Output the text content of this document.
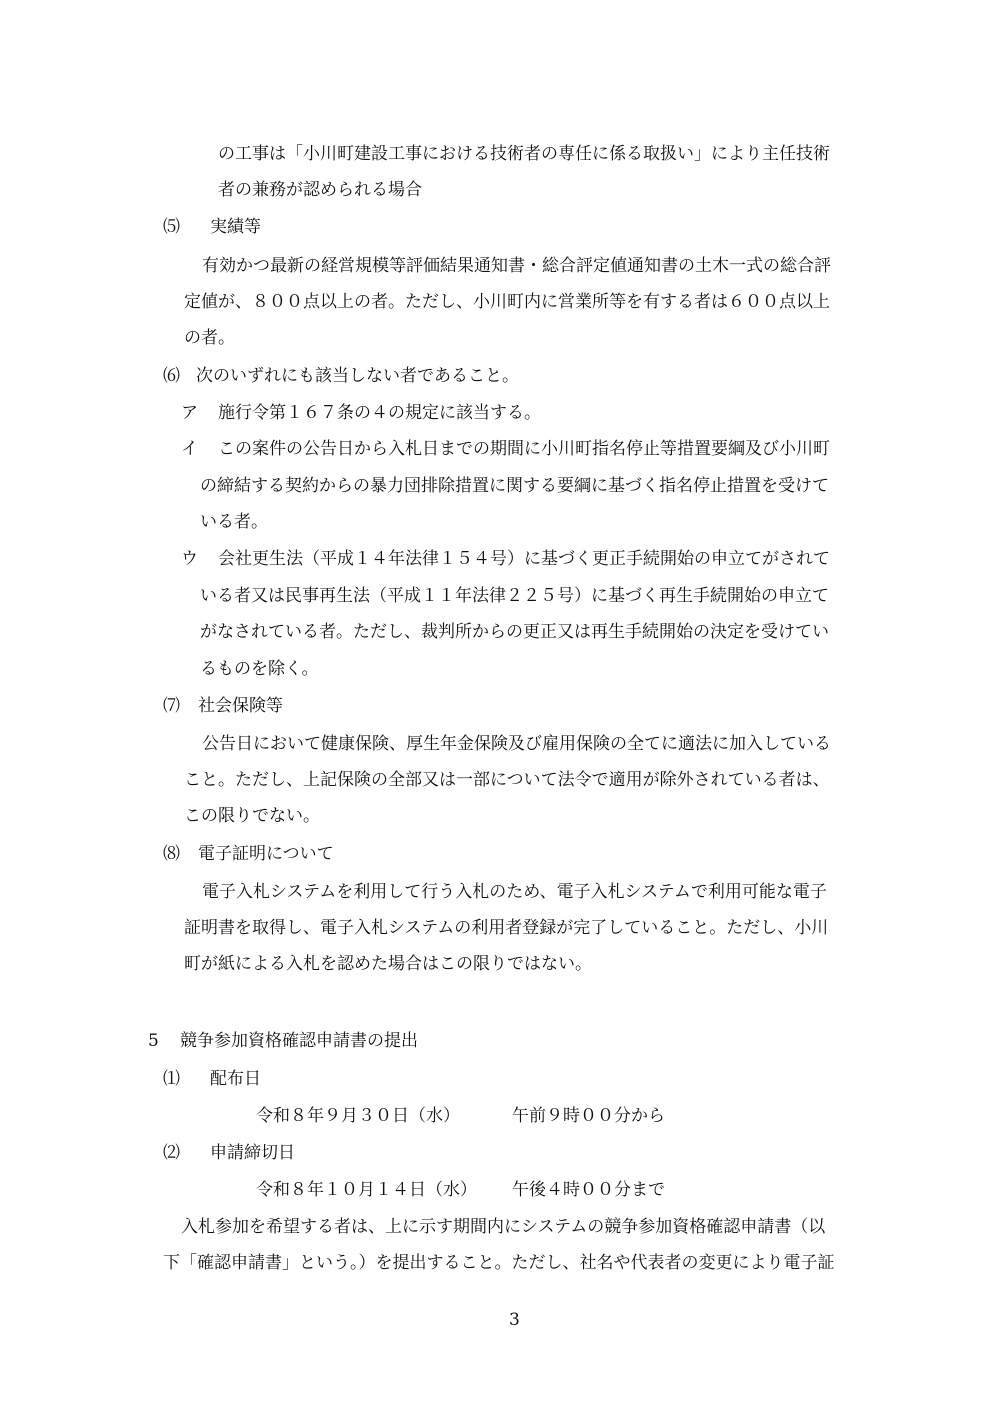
の工事は「小川町建設工事における技術者の専任に係る取扱い」により主任技術
者の兼務が認められる場合
⑸ 実績等
有効かつ最新の経営規模等評価結果通知書・総合評定値通知書の土木一式の総合評
定値が、８００点以上の者。ただし、小川町内に営業所等を有する者は６００点以上
の者。
⑹ 次のいずれにも該当しない者であること。
ア 施行令第１６７条の４の規定に該当する。
イ この案件の公告日から入札日までの期間に小川町指名停止等措置要綱及び小川町
の締結する契約からの暴力団排除措置に関する要綱に基づく指名停止措置を受けて
いる者。
ウ 会社更生法（平成１４年法律１５４号）に基づく更正手続開始の申立てがされて
いる者又は民事再生法（平成１１年法律２２５号）に基づく再生手続開始の申立て
がなされている者。ただし、裁判所からの更正又は再生手続開始の決定を受けてい
るものを除く。
⑺ 社会保険等
公告日において健康保険、厚生年金保険及び雇用保険の全てに適法に加入している
こと。ただし、上記保険の全部又は一部について法令で適用が除外されている者は、
この限りでない。
⑻ 電子証明について
電子入札システムを利用して行う入札のため、電子入札システムで利用可能な電子
証明書を取得し、電子入札システムの利用者登録が完了していること。ただし、小川
町が紙による入札を認めた場合はこの限りではない。
5 競争参加資格確認申請書の提出
⑴ 配布日
令和８年９月３０日（水）	午前９時００分から
⑵ 申請締切日
令和８年１０月１４日（水） 午後４時００分まで
入札参加を希望する者は、上に示す期間内にシステムの競争参加資格確認申請書（以
下「確認申請書」という。）を提出すること。ただし、社名や代表者の変更により電子証
3
